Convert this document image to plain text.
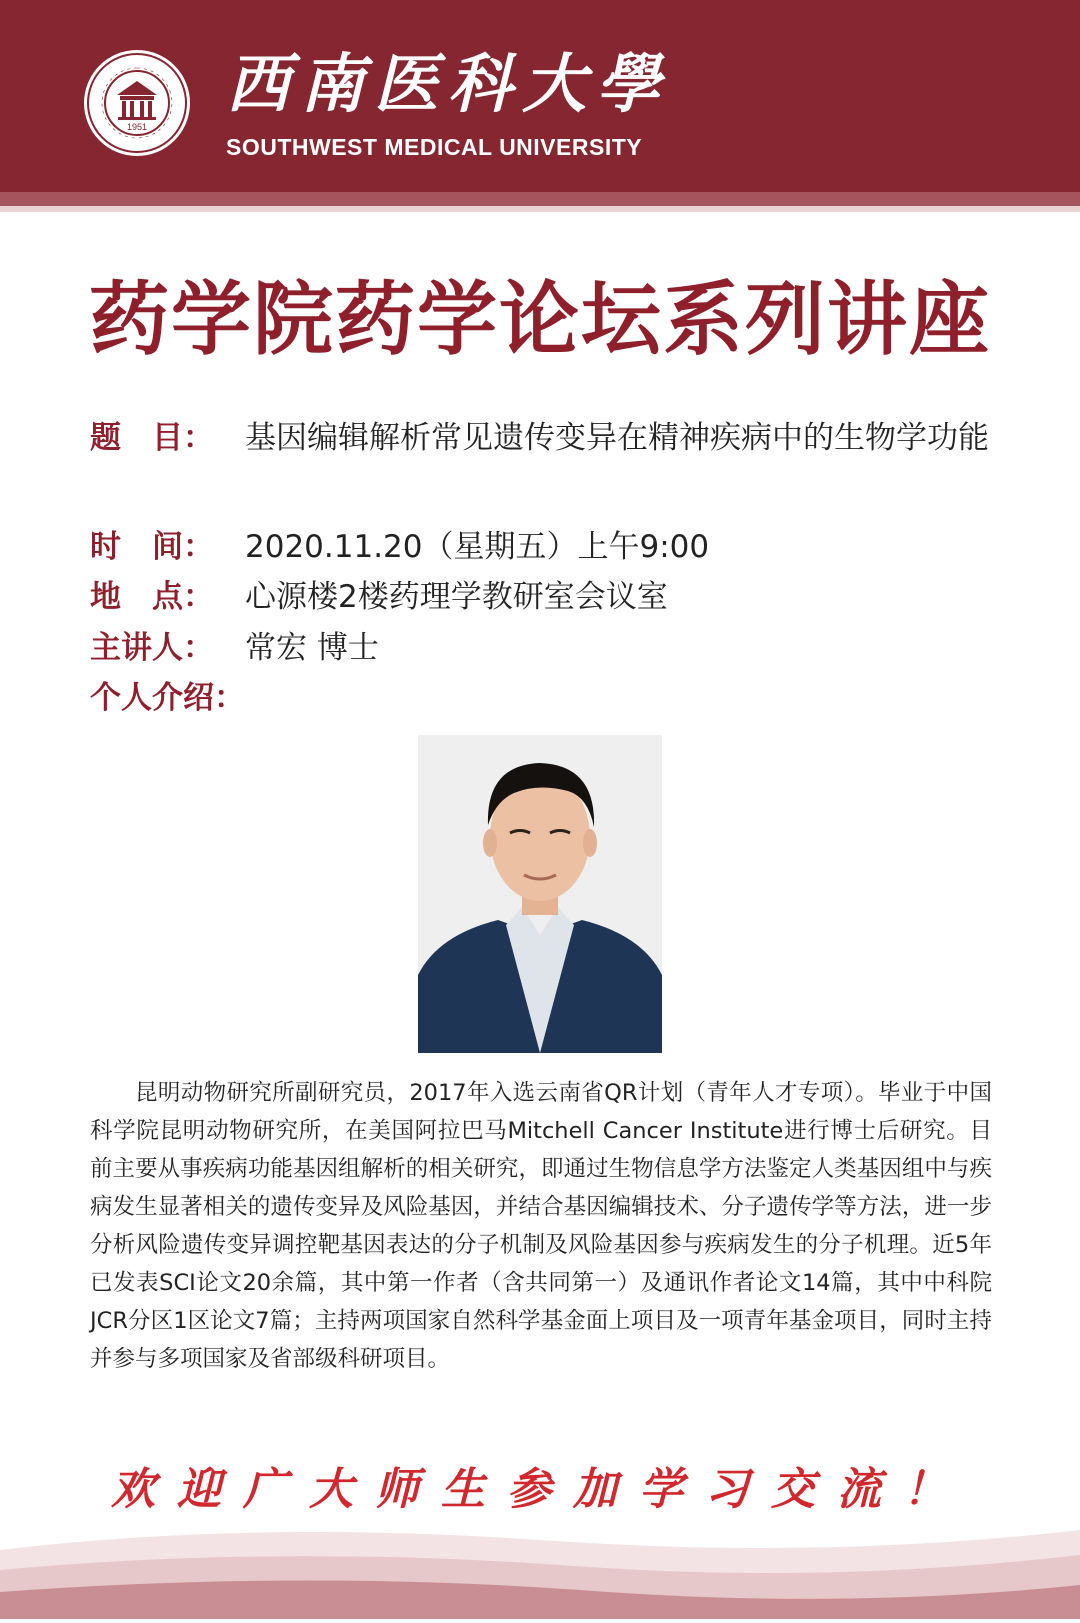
1951
西南医科大學
SOUTHWEST MEDICAL UNIVERSITY
药学院药学论坛系列讲座
题　目：	基因编辑解析常见遗传变异在精神疾病中的生物学功能
时　间：	2020.11.20（星期五）上午9:00
地　点：	心源楼2楼药理学教研室会议室
主讲人：	常宏 博士
个人介绍：
昆明动物研究所副研究员，2017年入选云南省QR计划（青年人才专项）。毕业于中国科学院昆明动物研究所，在美国阿拉巴马Mitchell Cancer Institute进行博士后研究。目前主要从事疾病功能基因组解析的相关研究，即通过生物信息学方法鉴定人类基因组中与疾病发生显著相关的遗传变异及风险基因，并结合基因编辑技术、分子遗传学等方法，进一步分析风险遗传变异调控靶基因表达的分子机制及风险基因参与疾病发生的分子机理。近5年已发表SCI论文20余篇，其中第一作者（含共同第一）及通讯作者论文14篇，其中中科院JCR分区1区论文7篇；主持两项国家自然科学基金面上项目及一项青年基金项目，同时主持并参与多项国家及省部级科研项目。
欢迎广大师生参加学习交流！
